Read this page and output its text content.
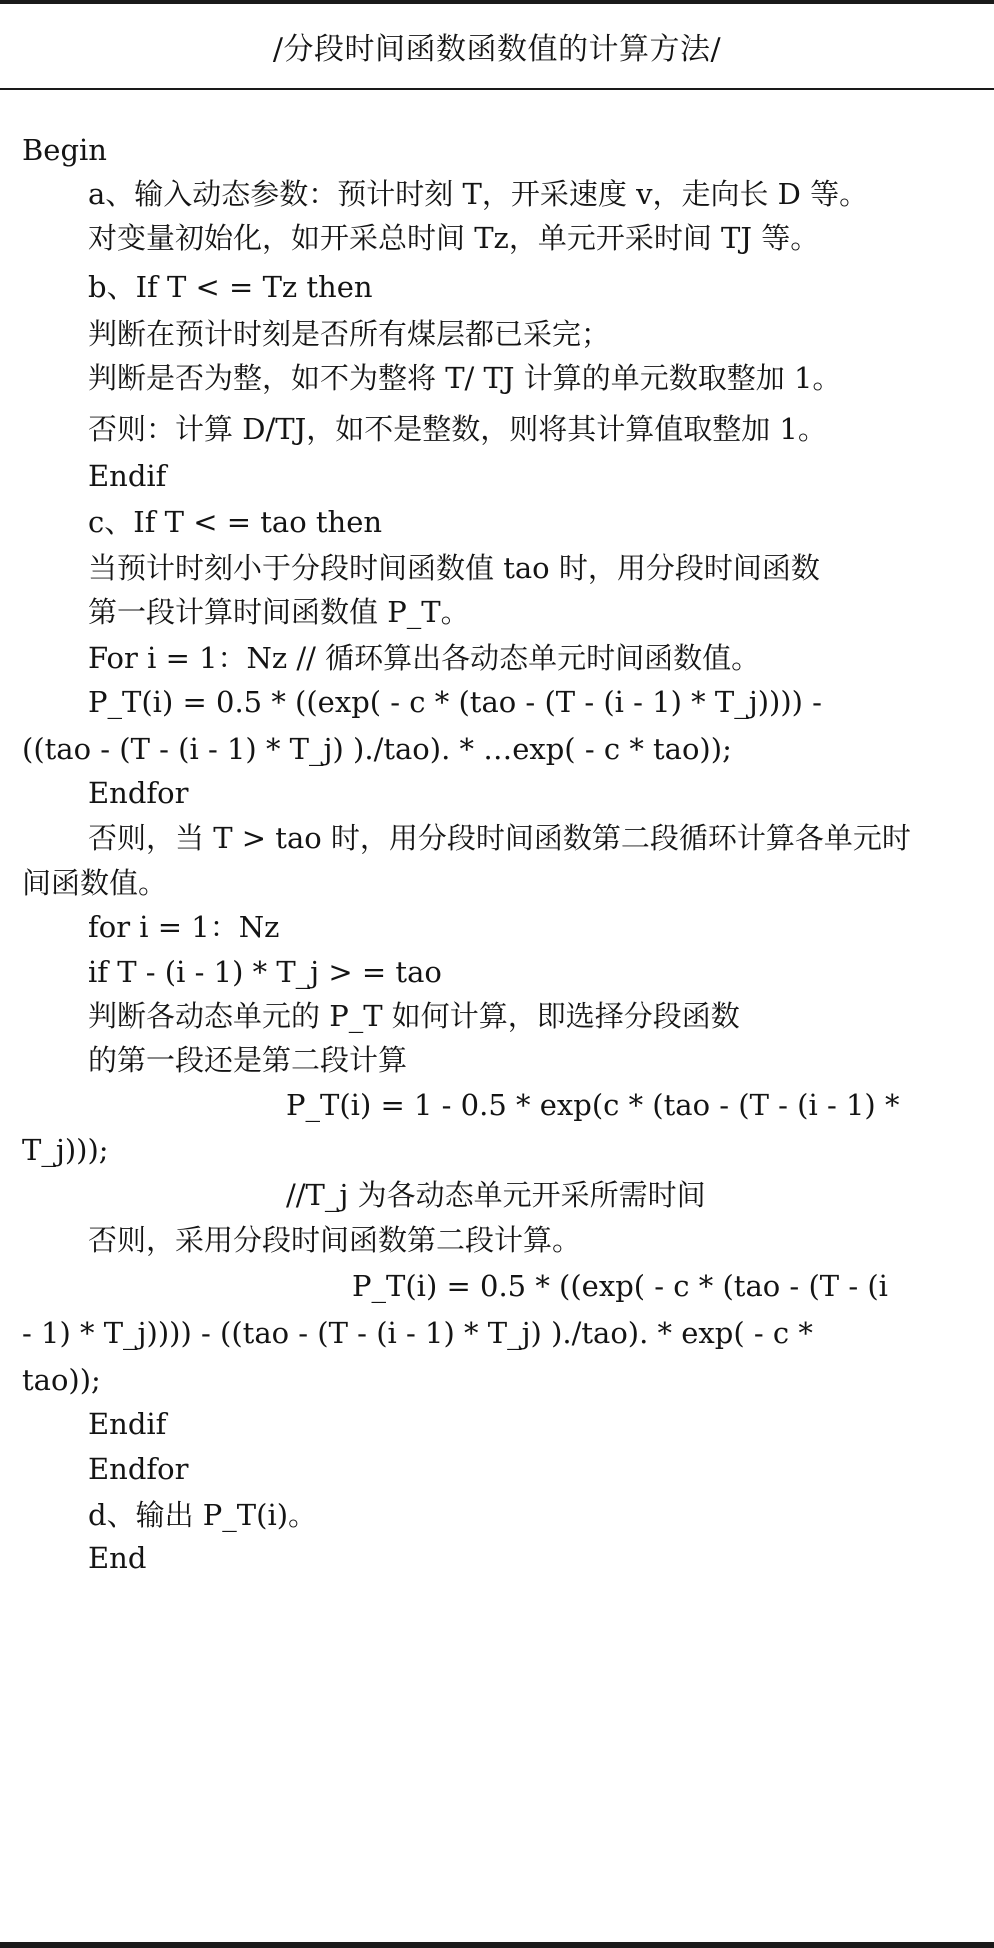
/分段时间函数函数值的计算方法/
Begin
a、输入动态参数：预计时刻 T，开采速度 v，走向长 D 等。
对变量初始化，如开采总时间 Tz，单元开采时间 TJ 等。
b、If T < = Tz then
判断在预计时刻是否所有煤层都已采完；
判断是否为整，如不为整将 T/ TJ 计算的单元数取整加 1。
否则：计算 D/TJ，如不是整数，则将其计算值取整加 1。
Endif
c、If T < = tao then
当预计时刻小于分段时间函数值 tao 时，用分段时间函数
第一段计算时间函数值 P_T。
For i = 1：Nz // 循环算出各动态单元时间函数值。
P_T(i) = 0.5 * ((exp( - c * (tao - (T - (i - 1) * T_j)))) -
((tao - (T - (i - 1) * T_j) )./tao). * …exp( - c * tao));
Endfor
否则，当 T > tao 时，用分段时间函数第二段循环计算各单元时
间函数值。
for i = 1：Nz
if T - (i - 1) * T_j > = tao
判断各动态单元的 P_T 如何计算，即选择分段函数
的第一段还是第二段计算
P_T(i) = 1 - 0.5 * exp(c * (tao - (T - (i - 1) *
T_j)));
//T_j 为各动态单元开采所需时间
否则，采用分段时间函数第二段计算。
P_T(i) = 0.5 * ((exp( - c * (tao - (T - (i
- 1) * T_j)))) - ((tao - (T - (i - 1) * T_j) )./tao). * exp( - c *
tao));
Endif
Endfor
d、输出 P_T(i)。
End
